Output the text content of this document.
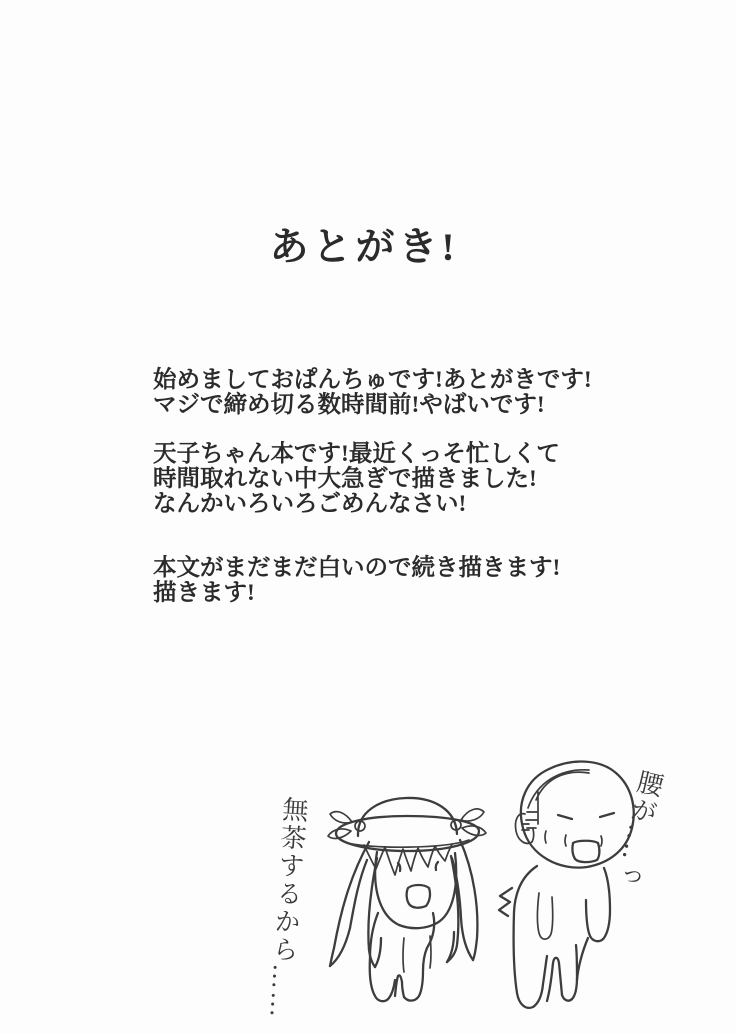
あとがき!

始めましておぱんちゅです!あとがきです!
マジで締め切る数時間前!やばいです!

天子ちゃん本です!最近くっそ忙しくて
時間取れない中大急ぎで描きました!
なんかいろいろごめんなさい!

本文がまだまだ白いので続き描きます!
描きます!

無茶するから……	腰が‥‥っ
